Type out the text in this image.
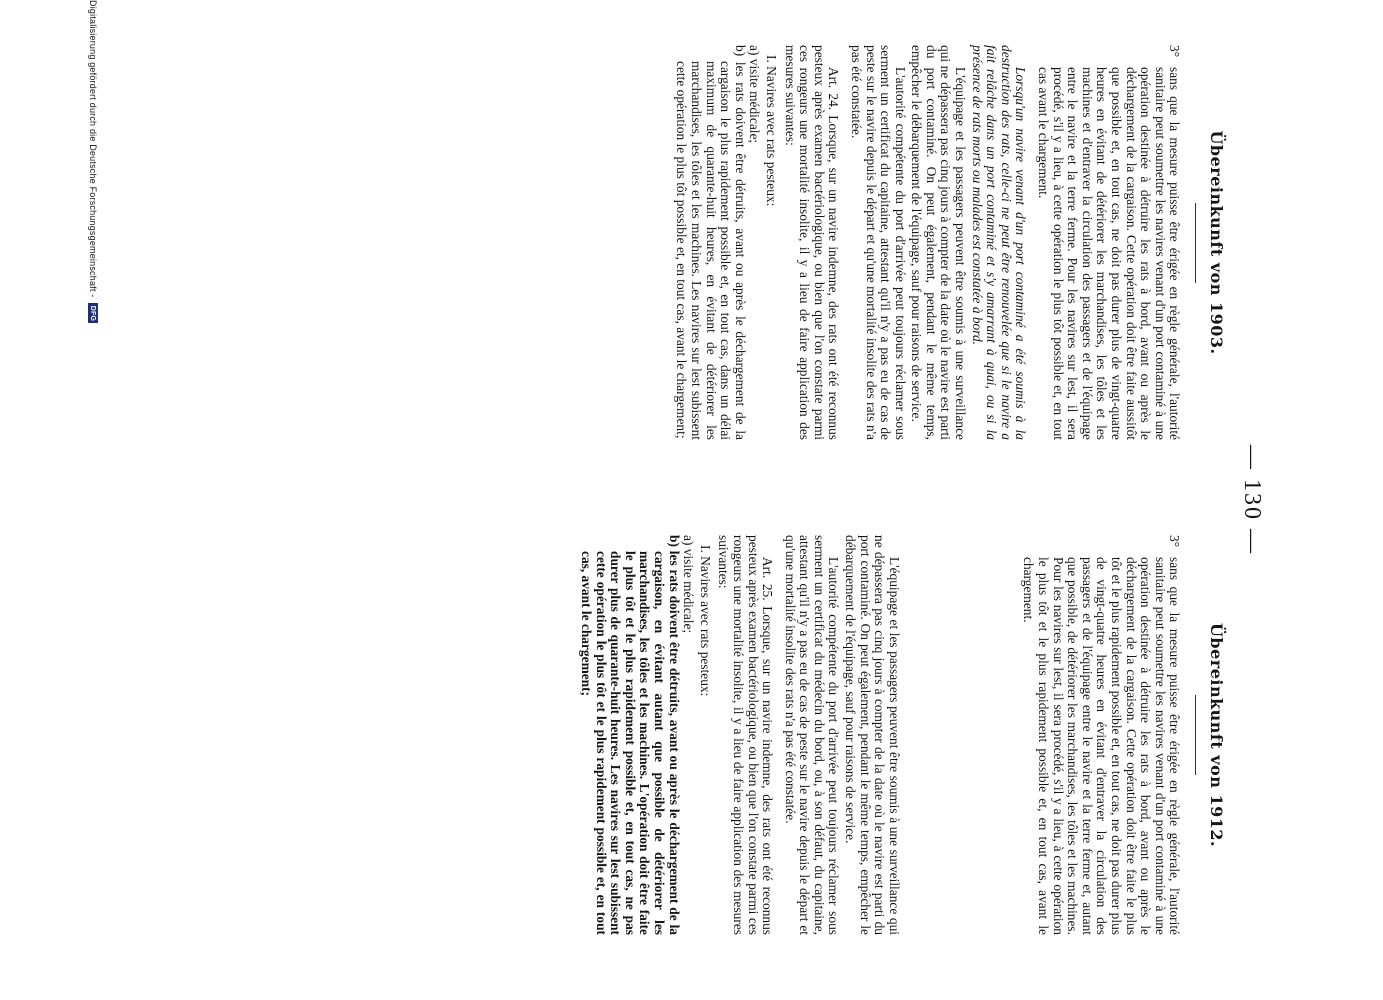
— 130 —
Übereinkunft von 1903.
3°
sans que la mesure puisse être érigée en règle générale, l'autorité sanitaire peut soumettre les navires venant d'un port contaminé à une opération destinée à détruire les rats à bord, avant ou après le déchargement de la cargaison. Cette opération doit être faite aussitôt que possible et, en tout cas, ne doit pas durer plus de vingt-quatre heures en évitant de détériorer les marchandises, les tôles et les machines et d'entraver la circulation des passagers et de l'équipage entre le navire et la terre ferme. Pour les navires sur lest, il sera procédé, s'il y a lieu, à cette opération le plus tôt possible et, en tout cas avant le chargement.

Lorsqu'un navire venant d'un port contaminé a été soumis à la destruction des rats, celle-ci ne peut être renouvelée que si le navire a fait relâche dans un port contaminé et s'y amarrant à quai, ou si la présence de rats morts ou malades est constatée à bord.

L'équipage et les passagers peuvent être soumis à une surveillance qui ne dépassera pas cinq jours à compter de la date où le navire est parti du port contaminé. On peut également, pendant le même temps, empêcher le débarquement de l'équipage, sauf pour raisons de service.

L'autorité compétente du port d'arrivée peut toujours réclamer sous serment un certificat du capitaine, attestant qu'il n'y a pas eu de cas de peste sur le navire depuis le départ et qu'une mortalité insolite des rats n'a pas été constatée.

Art. 24. Lorsque, sur un navire indemne, des rats ont été reconnus pesteux après examen bactériologique, ou bien que l'on constate parmi ces rongeurs une mortalité insolite, il y a lieu de faire application des mesures suivantes:

I. Navires avec rats pesteux:

a) visite médicale;

b) les rats doivent être détruits, avant ou après le déchargement de la cargaison le plus rapidement possible et, en tout cas, dans un délai maximum de quarante-huit heures, en évitant de détériorer les marchandises, les tôles et les machines. Les navires sur lest subissent cette opération le plus tôt possible et, en tout cas, avant le chargement;

Übereinkunft von 1912.
3°
sans que la mesure puisse être érigée en règle générale, l'autorité sanitaire peut soumettre les navires venant d'un port contaminé à une opération destinée à détruire les rats à bord, avant ou après le déchargement de la cargaison. Cette opération doit être faite le plus tôt et le plus rapidement possible et, en tout cas, ne doit pas durer plus de vingt-quatre heures en évitant d'entraver la circulation des passagers et de l'équipage entre le navire et la terre ferme et, autant que possible, de détériorer les marchandises, les tôles et les machines. Pour les navires sur lest, il sera procédé, s'il y a lieu, à cette opération le plus tôt et le plus rapidement possible et, en tout cas, avant le chargement.

L'équipage et les passagers peuvent être soumis à une surveillance qui ne dépassera pas cinq jours à compter de la date où le navire est parti du port contaminé. On peut également, pendant le même temps, empêcher le débarquement de l'équipage, sauf pour raisons de service.

L'autorité compétente du port d'arrivée peut toujours réclamer sous serment un certificat du médecin du bord, ou, à son défaut, du capitaine, attestant qu'il n'y a pas eu de cas de peste sur le navire depuis le départ et qu'une mortalité insolite des rats n'a pas été constatée.

Art. 25. Lorsque, sur un navire indemne, des rats ont été reconnus pesteux après examen bactériologique, ou bien que l'on constate parmi ces rongeurs une mortalité insolite, il y a lieu de faire application des mesures suivantes:

I. Navires avec rats pesteux:

a) visite médicale;

b) les rats doivent être détruits, avant ou après le déchargement de la cargaison, en évitant autant que possible de détériorer les marchandises, les tôles et les machines. L'opération doit être faite le plus tôt et le plus rapidement possible et, en tout cas, ne pas durer plus de quarante-huit heures. Les navires sur lest subissent cette opération le plus tôt et le plus rapidement possible et, en tout cas, avant le chargement;

Digitalisierung gefördert durch die Deutsche Forschungsgemeinschaft -
DFG
